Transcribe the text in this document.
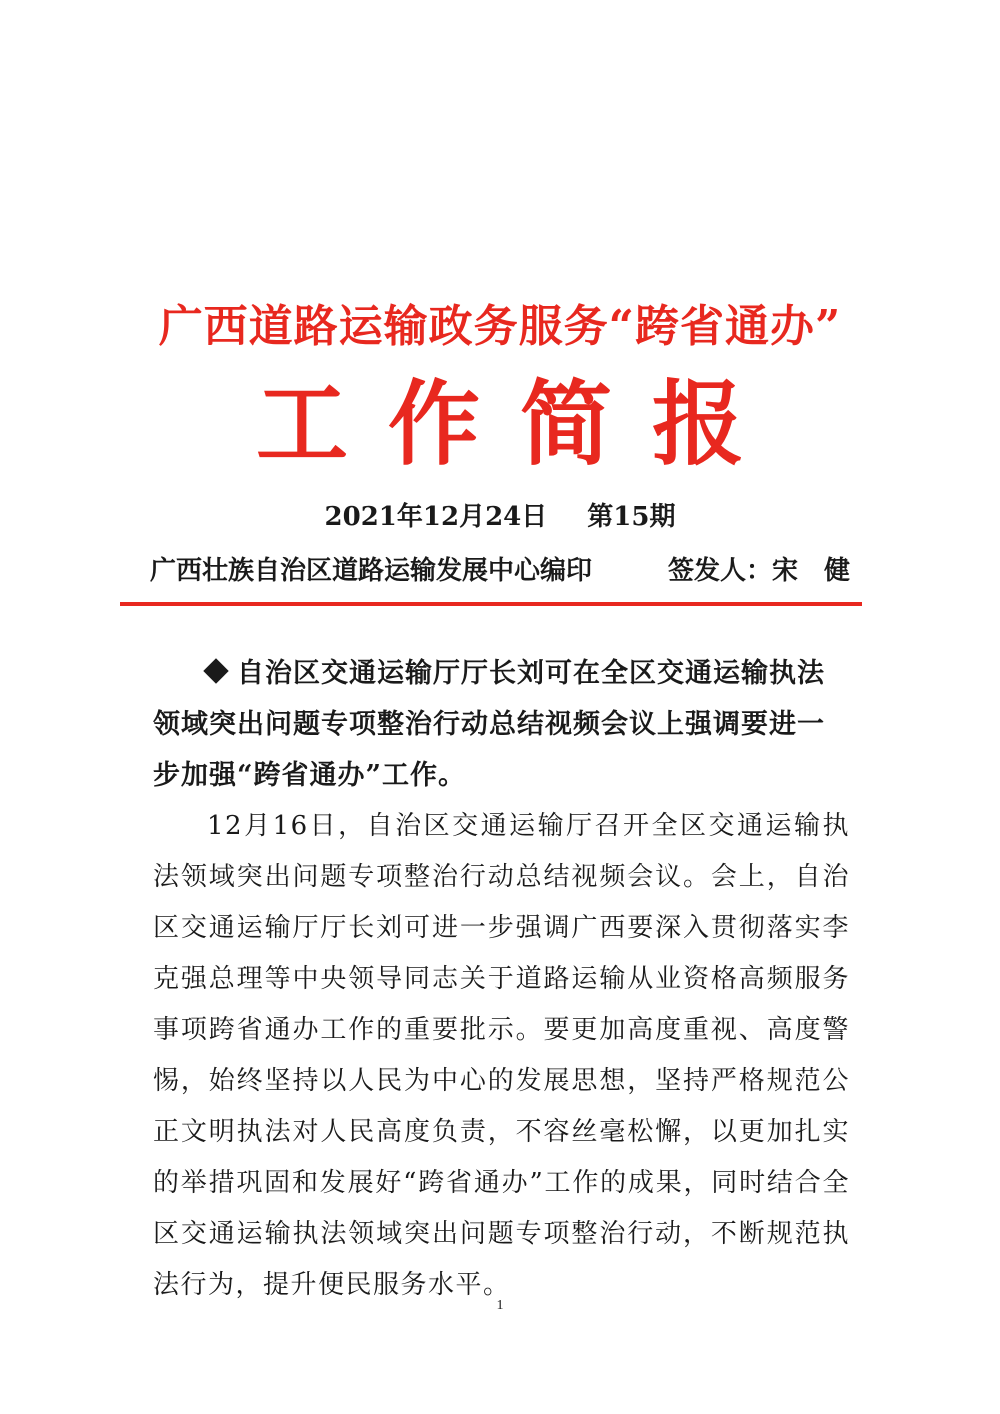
广西道路运输政务服务“跨省通办”
工作简报
2021年12月24日 第15期
广西壮族自治区道路运输发展中心编印	签发人：宋　健

自治区交通运输厅厅长刘可在全区交通运输执法领域突出问题专项整治行动总结视频会议上强调要进一步加强“跨省通办”工作。

12月16日，自治区交通运输厅召开全区交通运输执法领域突出问题专项整治行动总结视频会议。会上，自治区交通运输厅厅长刘可进一步强调广西要深入贯彻落实李克强总理等中央领导同志关于道路运输从业资格高频服务事项跨省通办工作的重要批示。要更加高度重视、高度警惕，始终坚持以人民为中心的发展思想，坚持严格规范公正文明执法对人民高度负责，不容丝毫松懈，以更加扎实的举措巩固和发展好“跨省通办”工作的成果，同时结合全区交通运输执法领域突出问题专项整治行动，不断规范执法行为，提升便民服务水平。

1
